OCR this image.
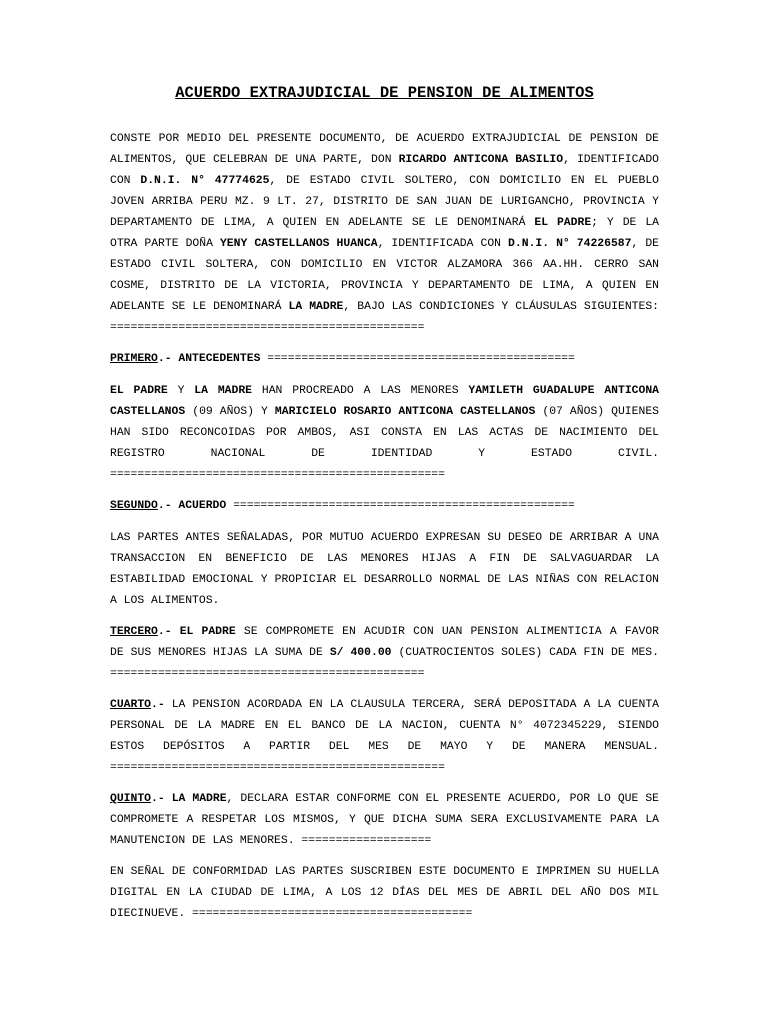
ACUERDO EXTRAJUDICIAL DE PENSION DE ALIMENTOS

CONSTE POR MEDIO DEL PRESENTE DOCUMENTO, DE ACUERDO EXTRAJUDICIAL DE PENSION DE ALIMENTOS, QUE CELEBRAN DE UNA PARTE, DON RICARDO ANTICONA BASILIO, IDENTIFICADO CON D.N.I. N° 47774625, DE ESTADO CIVIL SOLTERO, CON DOMICILIO EN EL PUEBLO JOVEN ARRIBA PERU MZ. 9 LT. 27, DISTRITO DE SAN JUAN DE LURIGANCHO, PROVINCIA Y DEPARTAMENTO DE LIMA, A QUIEN EN ADELANTE SE LE DENOMINARÁ EL PADRE; Y DE LA OTRA PARTE DOÑA YENY CASTELLANOS HUANCA, IDENTIFICADA CON D.N.I. N° 74226587, DE ESTADO CIVIL SOLTERA, CON DOMICILIO EN VICTOR ALZAMORA 366 AA.HH. CERRO SAN COSME, DISTRITO DE LA VICTORIA, PROVINCIA Y DEPARTAMENTO DE LIMA, A QUIEN EN ADELANTE SE LE DENOMINARÁ LA MADRE, BAJO LAS CONDICIONES Y CLÁUSULAS SIGUIENTES: ==============================================

PRIMERO.- ANTECEDENTES =============================================

EL PADRE Y LA MADRE HAN PROCREADO A LAS MENORES YAMILETH GUADALUPE ANTICONA CASTELLANOS (09 AÑOS) Y MARICIELO ROSARIO ANTICONA CASTELLANOS (07 AÑOS) QUIENES HAN SIDO RECONCOIDAS POR AMBOS, ASI CONSTA EN LAS ACTAS DE NACIMIENTO DEL REGISTRO NACIONAL DE IDENTIDAD Y ESTADO CIVIL. =================================================

SEGUNDO.- ACUERDO ==================================================

LAS PARTES ANTES SEÑALADAS, POR MUTUO ACUERDO EXPRESAN SU DESEO DE ARRIBAR A UNA TRANSACCION EN BENEFICIO DE LAS MENORES HIJAS A FIN DE SALVAGUARDAR LA ESTABILIDAD EMOCIONAL Y PROPICIAR EL DESARROLLO NORMAL DE LAS NIÑAS CON RELACION A LOS ALIMENTOS.

TERCERO.- EL PADRE SE COMPROMETE EN ACUDIR CON UAN PENSION ALIMENTICIA A FAVOR DE SUS MENORES HIJAS LA SUMA DE S/ 400.00 (CUATROCIENTOS SOLES) CADA FIN DE MES. ==============================================

CUARTO.- LA PENSION ACORDADA EN LA CLAUSULA TERCERA, SERÁ DEPOSITADA A LA CUENTA PERSONAL DE LA MADRE EN EL BANCO DE LA NACION, CUENTA N° 4072345229, SIENDO ESTOS DEPÓSITOS A PARTIR DEL MES DE MAYO Y DE MANERA MENSUAL. =================================================

QUINTO.- LA MADRE, DECLARA ESTAR CONFORME CON EL PRESENTE ACUERDO, POR LO QUE SE COMPROMETE A RESPETAR LOS MISMOS, Y QUE DICHA SUMA SERA EXCLUSIVAMENTE PARA LA MANUTENCION DE LAS MENORES. ===================

EN SEÑAL DE CONFORMIDAD LAS PARTES SUSCRIBEN ESTE DOCUMENTO E IMPRIMEN SU HUELLA DIGITAL EN LA CIUDAD DE LIMA, A LOS 12 DÍAS DEL MES DE ABRIL DEL AÑO DOS MIL DIECINUEVE. =========================================
